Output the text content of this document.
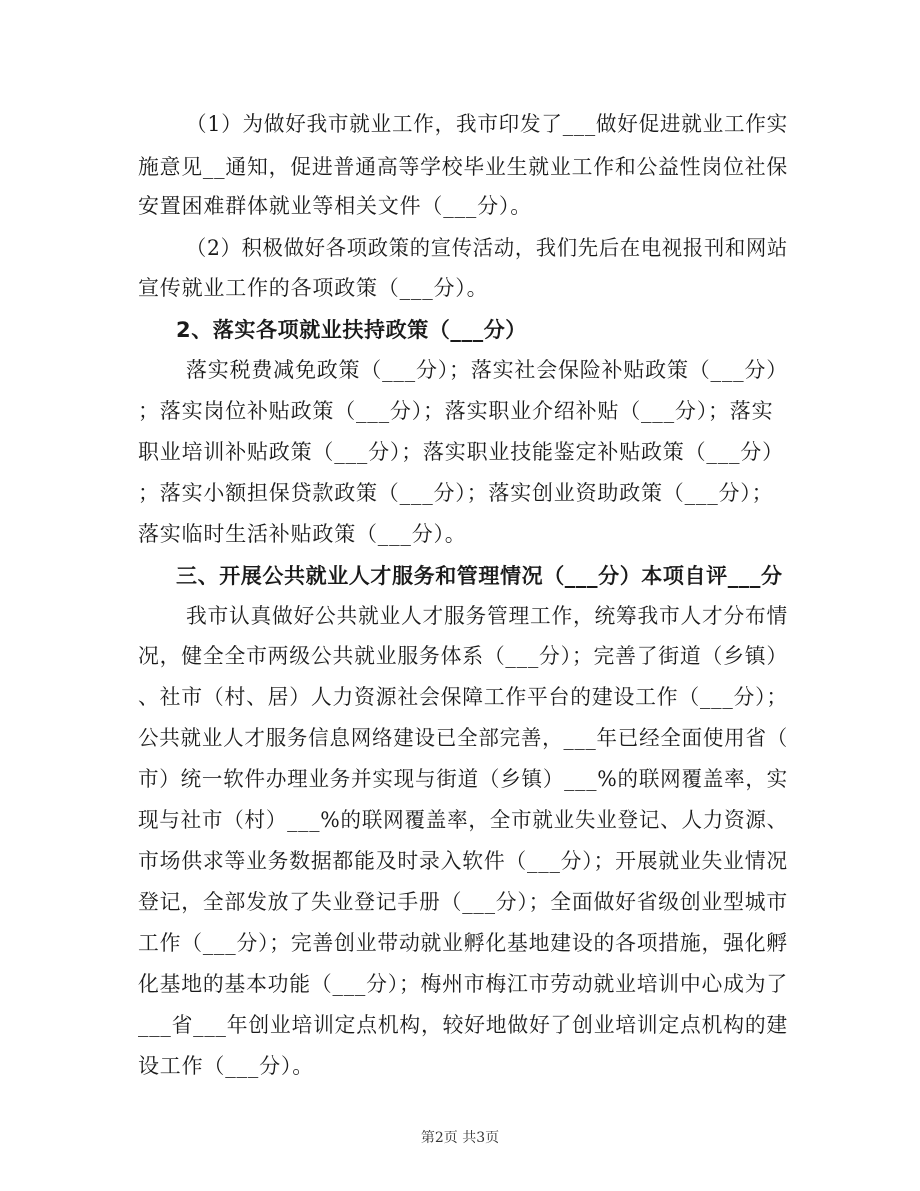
（1）为做好我市就业工作，我市印发了___做好促进就业工作实
施意见__通知，促进普通高等学校毕业生就业工作和公益性岗位社保
安置困难群体就业等相关文件（___分）。
（2）积极做好各项政策的宣传活动，我们先后在电视报刊和网站
宣传就业工作的各项政策（___分）。
2、落实各项就业扶持政策（___分）
落实税费减免政策（___分）；落实社会保险补贴政策（___分）
；落实岗位补贴政策（___分）；落实职业介绍补贴（___分）；落实
职业培训补贴政策（___分）；落实职业技能鉴定补贴政策（___分）
；落实小额担保贷款政策（___分）；落实创业资助政策（___分）；
落实临时生活补贴政策（___分）。
三、开展公共就业人才服务和管理情况（___分）本项自评___分
我市认真做好公共就业人才服务管理工作，统筹我市人才分布情
况，健全全市两级公共就业服务体系（___分）；完善了街道（乡镇）
、社市（村、居）人力资源社会保障工作平台的建设工作（___分）；
公共就业人才服务信息网络建设已全部完善，___年已经全面使用省（
市）统一软件办理业务并实现与街道（乡镇）___%的联网覆盖率，实
现与社市（村）___%的联网覆盖率，全市就业失业登记、人力资源、
市场供求等业务数据都能及时录入软件（___分）；开展就业失业情况
登记，全部发放了失业登记手册（___分）；全面做好省级创业型城市
工作（___分）；完善创业带动就业孵化基地建设的各项措施，强化孵
化基地的基本功能（___分）；梅州市梅江市劳动就业培训中心成为了
___省___年创业培训定点机构，较好地做好了创业培训定点机构的建
设工作（___分）。
第2页 共3页
